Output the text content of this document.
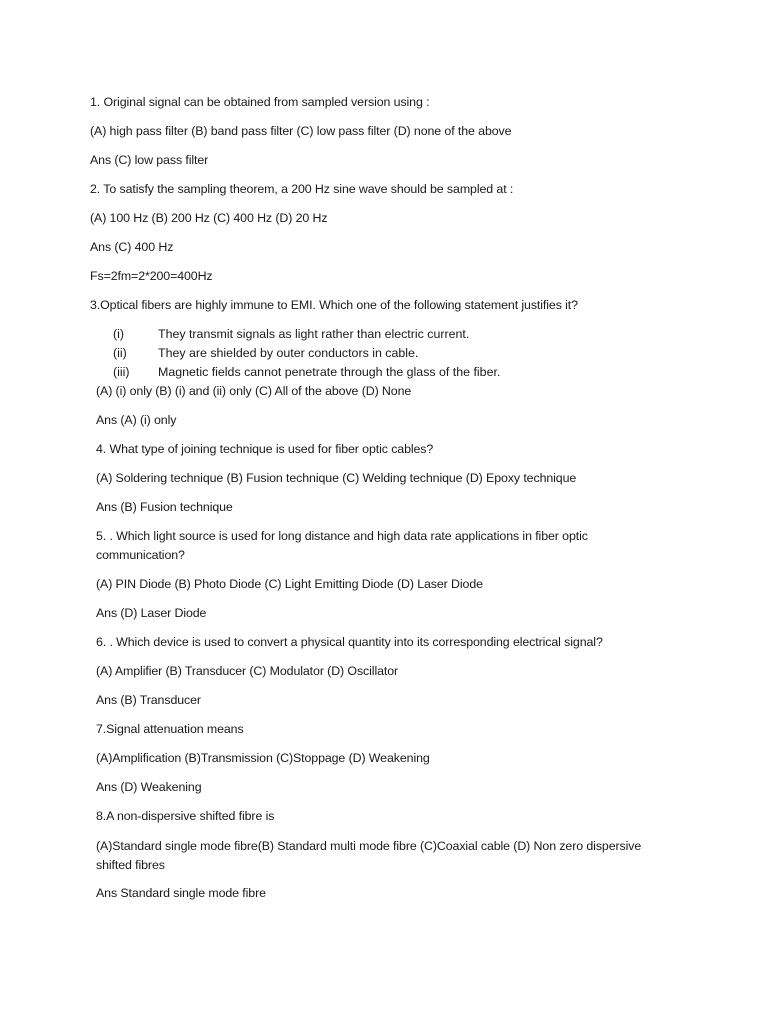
1. Original signal can be obtained from sampled version using :
(A) high pass filter (B) band pass filter (C) low pass filter (D) none of the above
Ans (C) low pass filter
2. To satisfy the sampling theorem, a 200 Hz sine wave should be sampled at :
(A) 100 Hz (B) 200 Hz (C) 400 Hz (D) 20 Hz
Ans (C) 400 Hz
Fs=2fm=2*200=400Hz
3.Optical fibers are highly immune to EMI. Which one of the following statement justifies it?
(i)	They transmit signals as light rather than electric current.
(ii)	They are shielded by outer conductors in cable.
(iii) Magnetic fields cannot penetrate through the glass of the fiber.
(A) (i) only (B) (i) and (ii) only (C) All of the above (D) None
Ans (A) (i) only
4. What type of joining technique is used for fiber optic cables?
(A) Soldering technique (B) Fusion technique (C) Welding technique (D) Epoxy technique
Ans (B) Fusion technique
5. . Which light source is used for long distance and high data rate applications in fiber optic communication?
(A) PIN Diode (B) Photo Diode (C) Light Emitting Diode (D) Laser Diode
Ans (D) Laser Diode
6. . Which device is used to convert a physical quantity into its corresponding electrical signal?
(A) Amplifier (B) Transducer (C) Modulator (D) Oscillator
Ans (B) Transducer
7.Signal attenuation means
(A)Amplification (B)Transmission (C)Stoppage (D) Weakening
Ans (D) Weakening
8.A non-dispersive shifted fibre is
(A)Standard single mode fibre(B) Standard multi mode fibre (C)Coaxial cable (D) Non zero dispersive shifted fibres
Ans Standard single mode fibre
